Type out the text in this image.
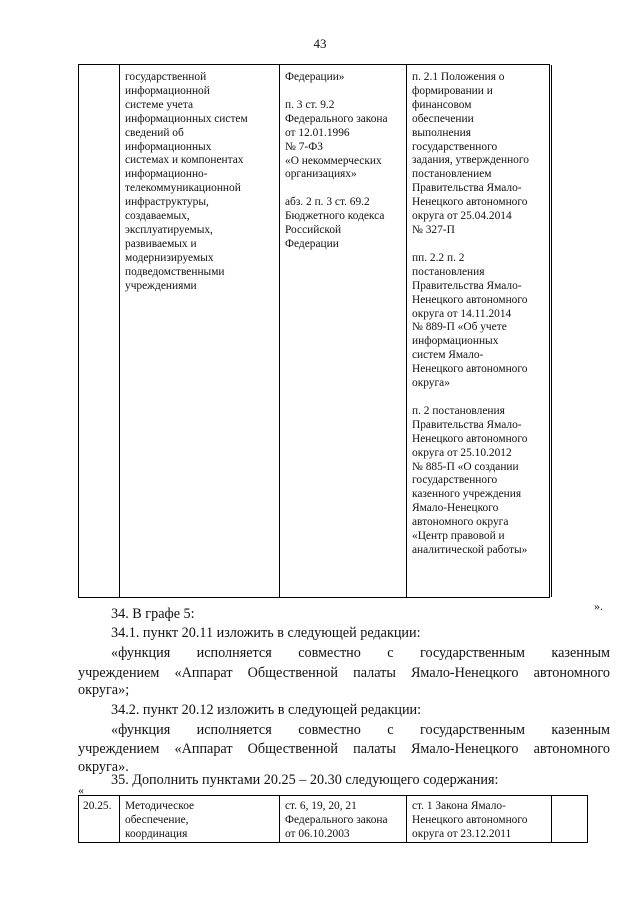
43
государственной
информационной
системе учета
информационных систем
сведений об
информационных
системах и компонентах
информационно-
телекоммуникационной
инфраструктуры,
создаваемых,
эксплуатируемых,
развиваемых и
модернизируемых
подведомственными
учреждениями
Федерации»
п. 3 ст. 9.2
Федерального закона
от 12.01.1996
№ 7-ФЗ
«О некоммерческих
организациях»
абз. 2 п. 3 ст. 69.2
Бюджетного кодекса
Российской
Федерации
п. 2.1 Положения о
формировании и
финансовом
обеспечении
выполнения
государственного
задания, утвержденного
постановлением
Правительства Ямало-
Ненецкого автономного
округа от 25.04.2014
№ 327-П
пп. 2.2 п. 2
постановления
Правительства Ямало-
Ненецкого автономного
округа от 14.11.2014
№ 889-П «Об учете
информационных
систем Ямало-
Ненецкого автономного
округа»
п. 2 постановления
Правительства Ямало-
Ненецкого автономного
округа от 25.10.2012
№ 885-П «О создании
государственного
казенного учреждения
Ямало-Ненецкого
автономного округа
«Центр правовой и
аналитической работы»
».
34. В графе 5:
34.1. пункт 20.11 изложить в следующей редакции:
«функция исполняется совместно с государственным казенным
учреждением «Аппарат Общественной палаты Ямало-Ненецкого автономного
округа»;
34.2. пункт 20.12 изложить в следующей редакции:
«функция исполняется совместно с государственным казенным
учреждением «Аппарат Общественной палаты Ямало-Ненецкого автономного
округа».
35. Дополнить пунктами 20.25 – 20.30 следующего содержания:
«
20.25.	Методическое
обеспечение,
координация
ст. 6, 19, 20, 21
Федерального закона
от 06.10.2003
ст. 1 Закона Ямало-
Ненецкого автономного
округа от 23.12.2011
